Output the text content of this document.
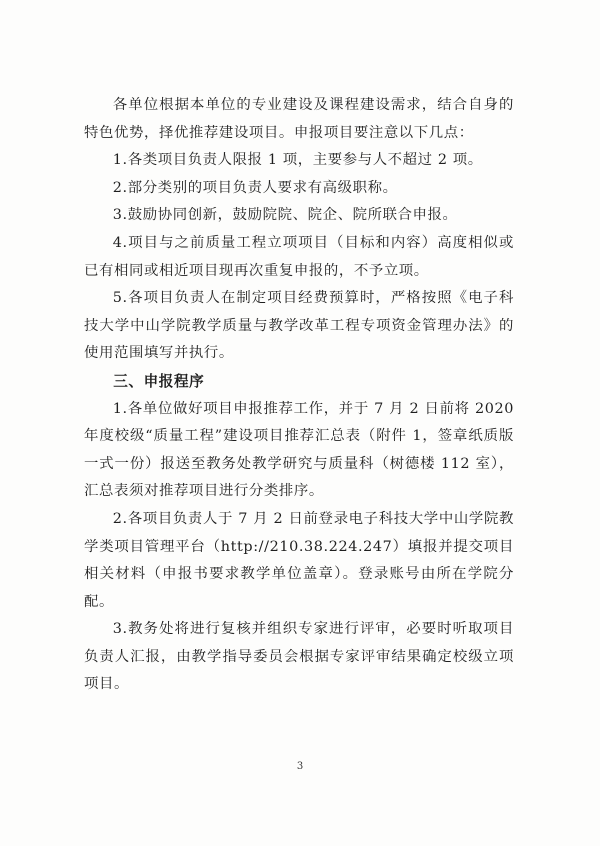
各单位根据本单位的专业建设及课程建设需求，结合自身的特色优势，择优推荐建设项目。申报项目要注意以下几点：

1.各类项目负责人限报 1 项，主要参与人不超过 2 项。

2.部分类别的项目负责人要求有高级职称。

3.鼓励协同创新，鼓励院院、院企、院所联合申报。

4.项目与之前质量工程立项项目（目标和内容）高度相似或已有相同或相近项目现再次重复申报的，不予立项。

5.各项目负责人在制定项目经费预算时，严格按照《电子科技大学中山学院教学质量与教学改革工程专项资金管理办法》的使用范围填写并执行。

三、申报程序

1.各单位做好项目申报推荐工作，并于 7 月 2 日前将 2020 年度校级“质量工程”建设项目推荐汇总表（附件 1，签章纸质版一式一份）报送至教务处教学研究与质量科（树德楼 112 室），汇总表须对推荐项目进行分类排序。

2.各项目负责人于 7 月 2 日前登录电子科技大学中山学院教学类项目管理平台（http://210.38.224.247）填报并提交项目相关材料（申报书要求教学单位盖章）。登录账号由所在学院分配。

3.教务处将进行复核并组织专家进行评审，必要时听取项目负责人汇报，由教学指导委员会根据专家评审结果确定校级立项项目。

3
